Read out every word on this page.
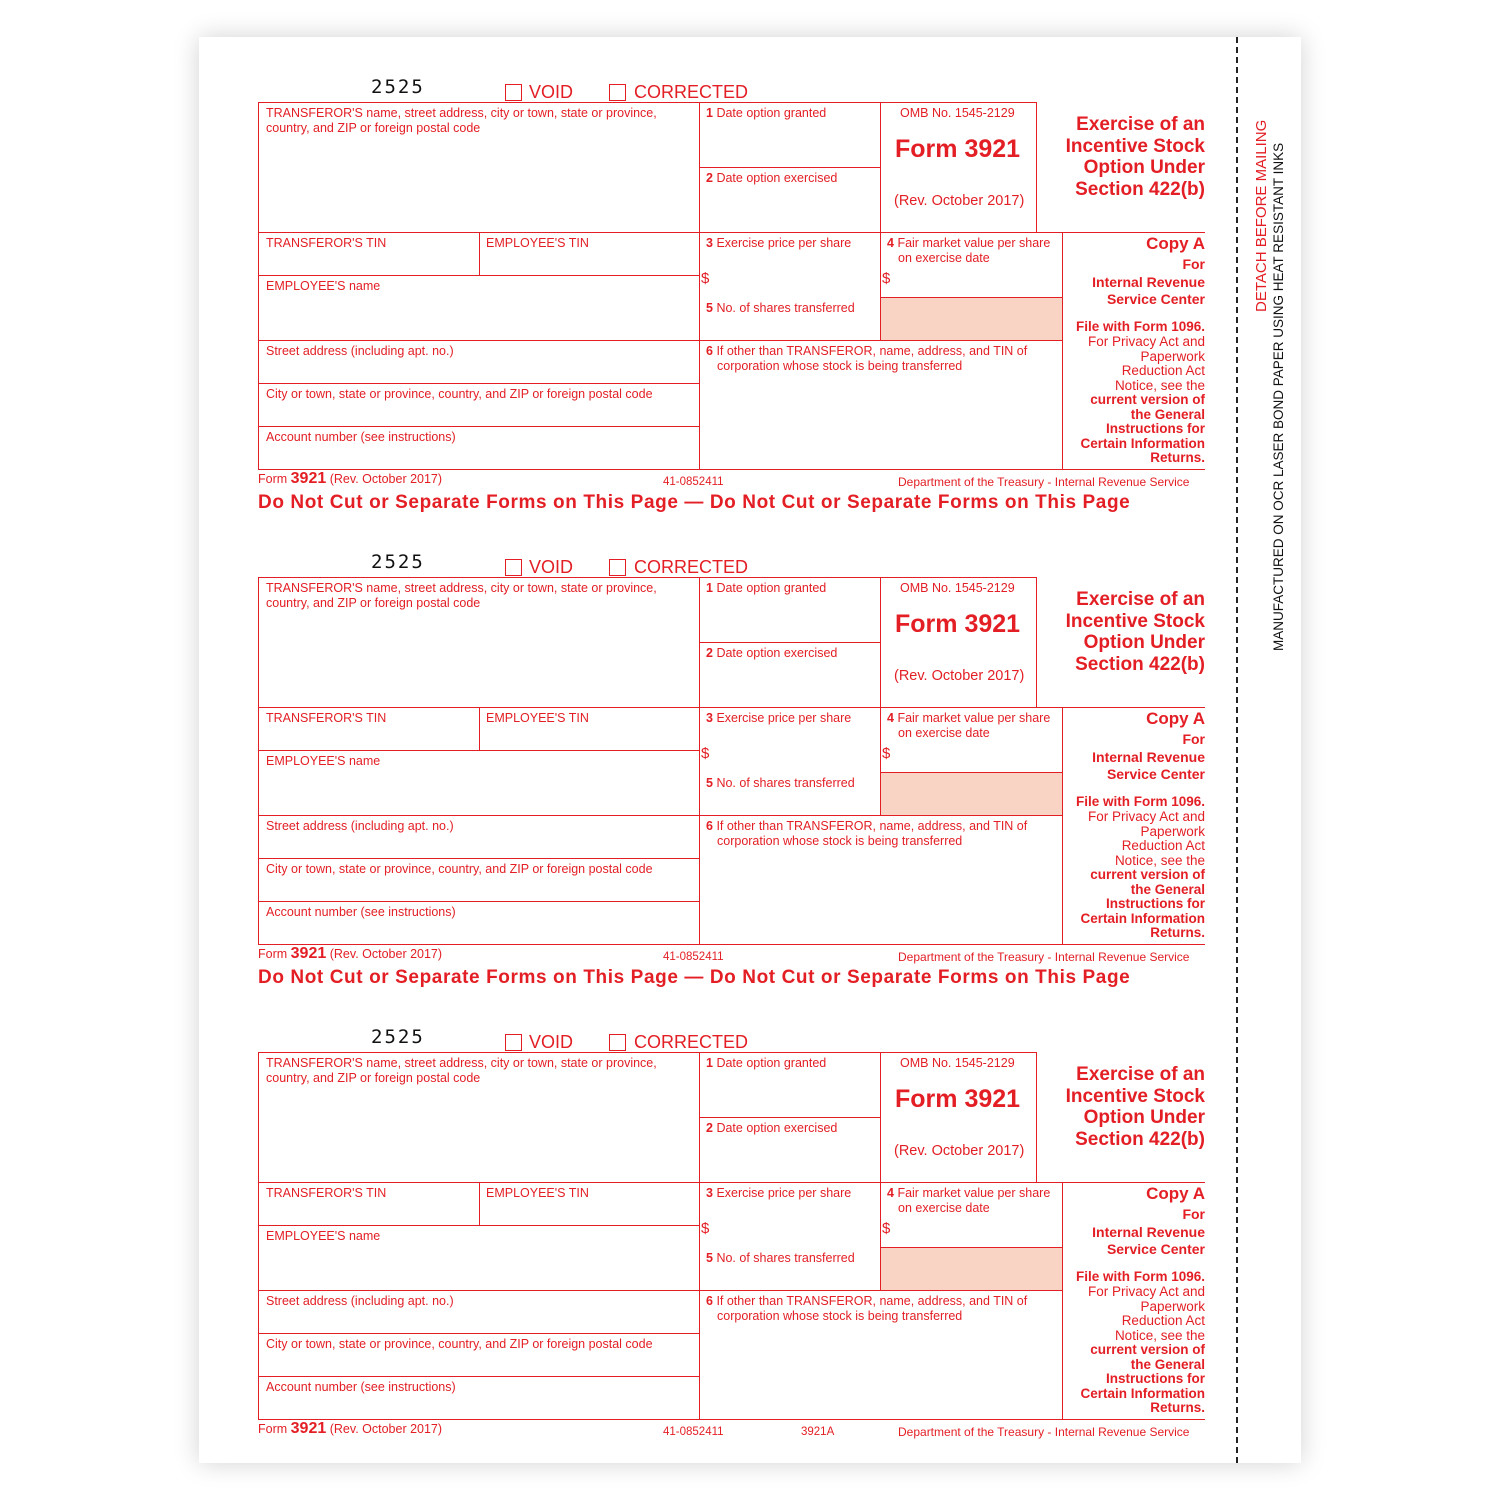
DETACH BEFORE MAILING MANUFACTURED ON OCR LASER BOND PAPER USING HEAT RESISTANT INKS
2525	VOID	CORRECTED
TRANSFEROR'S name, street address, city or town, state or province,
country, and ZIP or foreign postal code
TRANSFEROR'S TIN	EMPLOYEE'S TIN
EMPLOYEE'S name
Street address (including apt. no.)
City or town, state or province, country, and ZIP or foreign postal code
Account number (see instructions)
1 Date option granted
2 Date option exercised
3 Exercise price per share
$
5 No. of shares transferred
6 If other than TRANSFEROR, name, address, and TIN of
corporation whose stock is being transferred
OMB No. 1545-2129
Form 3921
(Rev. October 2017)
4 Fair market value per share
on exercise date
$
Exercise of an
Incentive Stock
Option Under
Section 422(b)
Copy A
For
Internal Revenue
Service Center
File with Form 1096.
For Privacy Act and
Paperwork
Reduction Act
Notice, see the
current version of
the General
Instructions for
Certain Information
Returns.
Form 3921 (Rev. October 2017)	41-0852411	Department of the Treasury - Internal Revenue Service
Do Not Cut or Separate Forms on This Page — Do Not Cut or Separate Forms on This Page
2525	VOID	CORRECTED
TRANSFEROR'S name, street address, city or town, state or province,
country, and ZIP or foreign postal code
TRANSFEROR'S TIN	EMPLOYEE'S TIN
EMPLOYEE'S name
Street address (including apt. no.)
City or town, state or province, country, and ZIP or foreign postal code
Account number (see instructions)
1 Date option granted
2 Date option exercised
3 Exercise price per share
$
5 No. of shares transferred
6 If other than TRANSFEROR, name, address, and TIN of
corporation whose stock is being transferred
OMB No. 1545-2129
Form 3921
(Rev. October 2017)
4 Fair market value per share
on exercise date
$
Exercise of an
Incentive Stock
Option Under
Section 422(b)
Copy A
For
Internal Revenue
Service Center
File with Form 1096.
For Privacy Act and
Paperwork
Reduction Act
Notice, see the
current version of
the General
Instructions for
Certain Information
Returns.
Form 3921 (Rev. October 2017)	41-0852411	Department of the Treasury - Internal Revenue Service
Do Not Cut or Separate Forms on This Page — Do Not Cut or Separate Forms on This Page
2525	VOID	CORRECTED
TRANSFEROR'S name, street address, city or town, state or province,
country, and ZIP or foreign postal code
TRANSFEROR'S TIN	EMPLOYEE'S TIN
EMPLOYEE'S name
Street address (including apt. no.)
City or town, state or province, country, and ZIP or foreign postal code
Account number (see instructions)
1 Date option granted
2 Date option exercised
3 Exercise price per share
$
5 No. of shares transferred
6 If other than TRANSFEROR, name, address, and TIN of
corporation whose stock is being transferred
OMB No. 1545-2129
Form 3921
(Rev. October 2017)
4 Fair market value per share
on exercise date
$
Exercise of an
Incentive Stock
Option Under
Section 422(b)
Copy A
For
Internal Revenue
Service Center
File with Form 1096.
For Privacy Act and
Paperwork
Reduction Act
Notice, see the
current version of
the General
Instructions for
Certain Information
Returns.
Form 3921 (Rev. October 2017)	41-0852411	3921A	Department of the Treasury - Internal Revenue Service
